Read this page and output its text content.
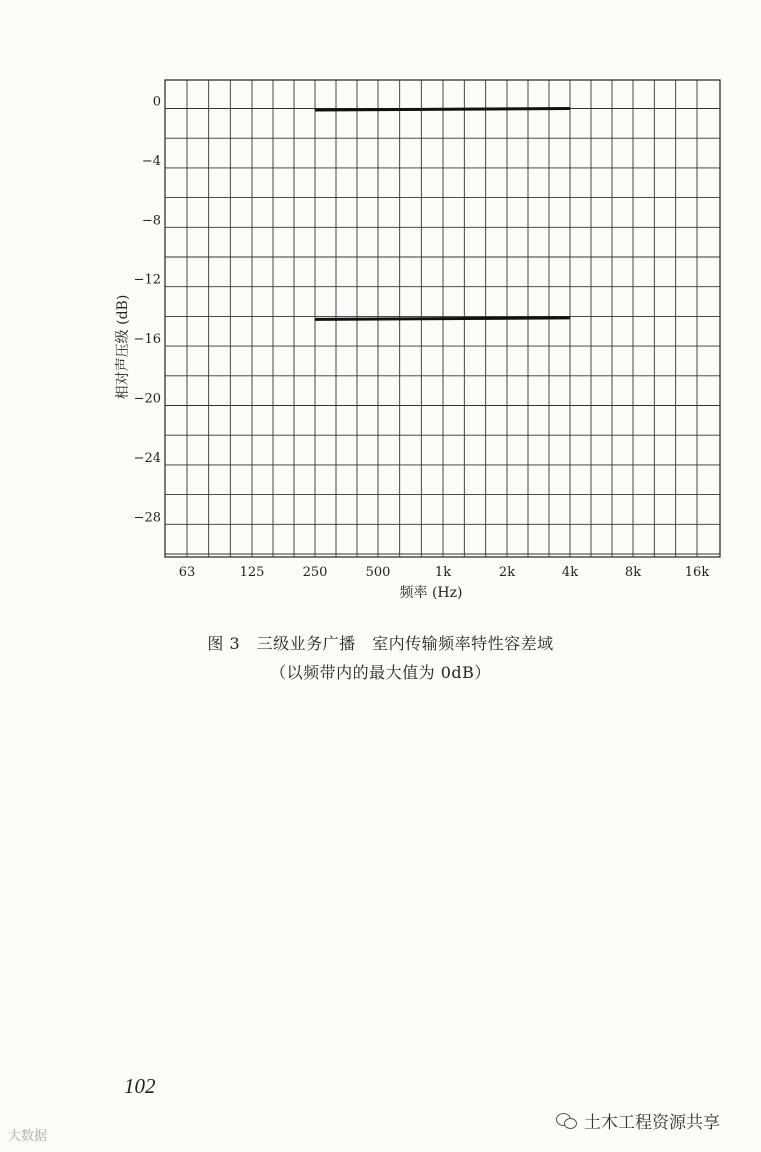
0
−4
−8
−12
−16
−20
−24
−28
63	125	250	500	1k	2k	4k	8k	16k
相对声压级 (dB)
频率 (Hz)
图 3　三级业务广播　室内传输频率特性容差域
（以频带内的最大值为 0dB）
102
大数据
土木工程资源共享
